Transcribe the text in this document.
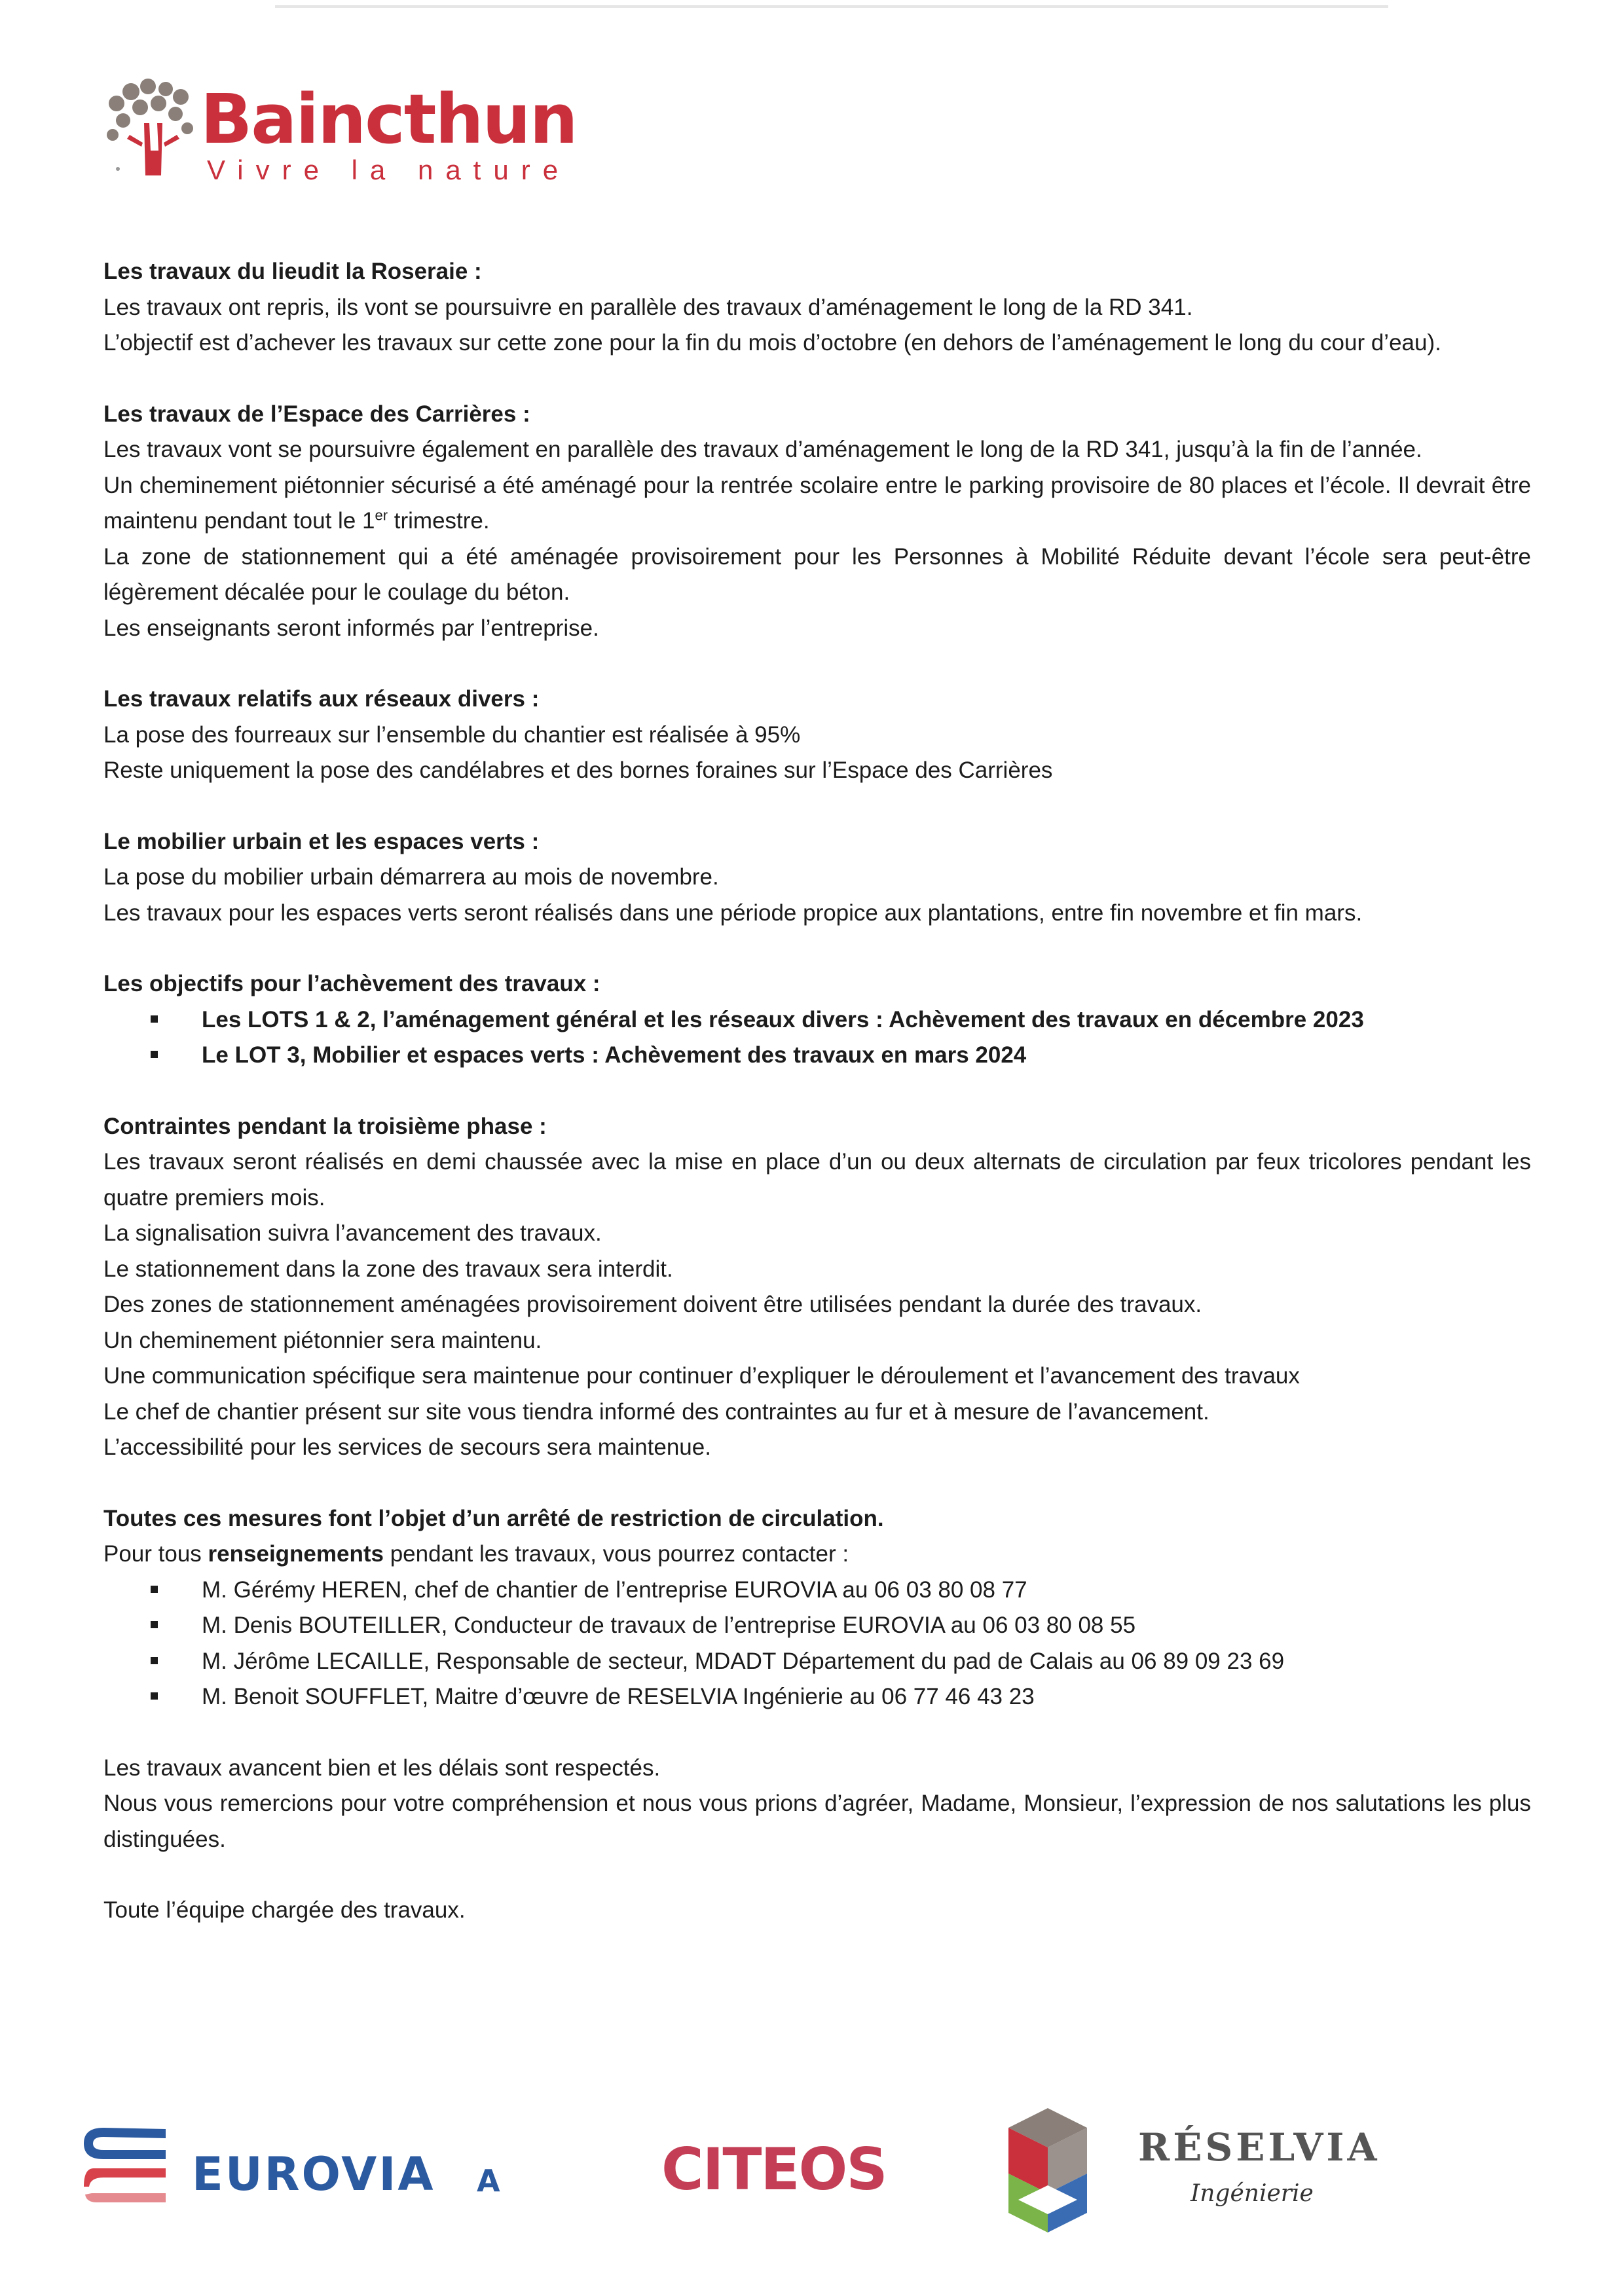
Baincthun
Vivre la nature

Les travaux du lieudit la Roseraie :

Les travaux ont repris, ils vont se poursuivre en parallèle des travaux d’aménagement le long de la RD 341.

L’objectif est d’achever les travaux sur cette zone pour la fin du mois d’octobre (en dehors de l’aménagement le long du cour d’eau).

Les travaux de l’Espace des Carrières :

Les travaux vont se poursuivre également en parallèle des travaux d’aménagement le long de la RD 341, jusqu’à la fin de l’année.

Un cheminement piétonnier sécurisé a été aménagé pour la rentrée scolaire entre le parking provisoire de 80 places et l’école. Il devrait être maintenu pendant tout le 1er trimestre.

La zone de stationnement qui a été aménagée provisoirement pour les Personnes à Mobilité Réduite devant l’école sera peut-être légèrement décalée pour le coulage du béton.

Les enseignants seront informés par l’entreprise.

Les travaux relatifs aux réseaux divers :

La pose des fourreaux sur l’ensemble du chantier est réalisée à 95%

Reste uniquement la pose des candélabres et des bornes foraines sur l’Espace des Carrières

Le mobilier urbain et les espaces verts :

La pose du mobilier urbain démarrera au mois de novembre.

Les travaux pour les espaces verts seront réalisés dans une période propice aux plantations, entre fin novembre et fin mars.

Les objectifs pour l’achèvement des travaux :

Les LOTS 1 & 2, l’aménagement général et les réseaux divers : Achèvement des travaux en décembre 2023
Le LOT 3, Mobilier et espaces verts : Achèvement des travaux en mars 2024

Contraintes pendant la troisième phase :

Les travaux seront réalisés en demi chaussée avec la mise en place d’un ou deux alternats de circulation par feux tricolores pendant les quatre premiers mois.

La signalisation suivra l’avancement des travaux.

Le stationnement dans la zone des travaux sera interdit.

Des zones de stationnement aménagées provisoirement doivent être utilisées pendant la durée des travaux.

Un cheminement piétonnier sera maintenu.

Une communication spécifique sera maintenue pour continuer d’expliquer le déroulement et l’avancement des travaux

Le chef de chantier présent sur site vous tiendra informé des contraintes au fur et à mesure de l’avancement.

L’accessibilité pour les services de secours sera maintenue.

Toutes ces mesures font l’objet d’un arrêté de restriction de circulation.

Pour tous renseignements pendant les travaux, vous pourrez contacter :

M. Gérémy HEREN, chef de chantier de l’entreprise EUROVIA au 06 03 80 08 77
M. Denis BOUTEILLER, Conducteur de travaux de l’entreprise EUROVIA au 06 03 80 08 55
M. Jérôme LECAILLE, Responsable de secteur, MDADT Département du pad de Calais au 06 89 09 23 69
M. Benoit SOUFFLET, Maitre d’œuvre de RESELVIA Ingénierie au 06 77 46 43 23

Les travaux avancent bien et les délais sont respectés.

Nous vous remercions pour votre compréhension et nous vous prions d’agréer, Madame, Monsieur, l’expression de nos salutations les plus distinguées.

Toute l’équipe chargée des travaux.

EUROVIA A	CITEOS	RÉSELVIA
Ingénierie
